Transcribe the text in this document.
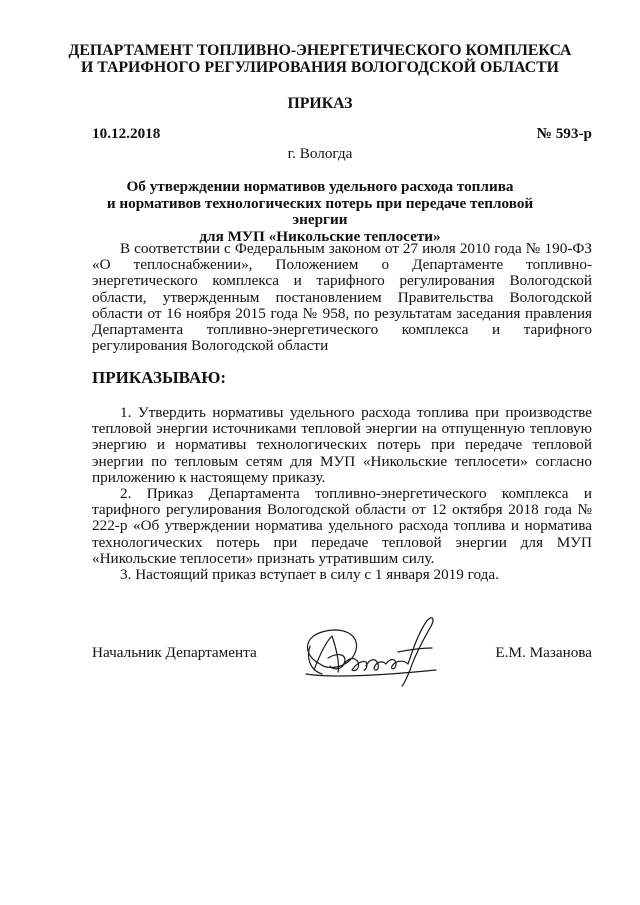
ДЕПАРТАМЕНТ ТОПЛИВНО-ЭНЕРГЕТИЧЕСКОГО КОМПЛЕКСА
И ТАРИФНОГО РЕГУЛИРОВАНИЯ ВОЛОГОДСКОЙ ОБЛАСТИ
ПРИКАЗ
10.12.2018	№ 593-р
г. Вологда
Об утверждении нормативов удельного расхода топлива
и нормативов технологических потерь при передаче тепловой энергии
для МУП «Никольские теплосети»

В соответствии с Федеральным законом от 27 июля 2010 года № 190-ФЗ «О теплоснабжении», Положением о Департаменте топливно-энергетического комплекса и тарифного регулирования Вологодской области, утвержденным постановлением Правительства Вологодской области от 16 ноября 2015 года № 958, по результатам заседания правления Департамента топливно-энергетического комплекса и тарифного регулирования Вологодской области

ПРИКАЗЫВАЮ:

1. Утвердить нормативы удельного расхода топлива при производстве тепловой энергии источниками тепловой энергии на отпущенную тепловую энергию и нормативы технологических потерь при передаче тепловой энергии по тепловым сетям для МУП «Никольские теплосети» согласно приложению к настоящему приказу.

2. Приказ Департамента топливно-энергетического комплекса и тарифного регулирования Вологодской области от 12 октября 2018 года № 222-р «Об утверждении норматива удельного расхода топлива и норматива технологических потерь при передаче тепловой энергии для МУП «Никольские теплосети» признать утратившим силу.

3. Настоящий приказ вступает в силу с 1 января 2019 года.

Начальник Департамента	Е.М. Мазанова
